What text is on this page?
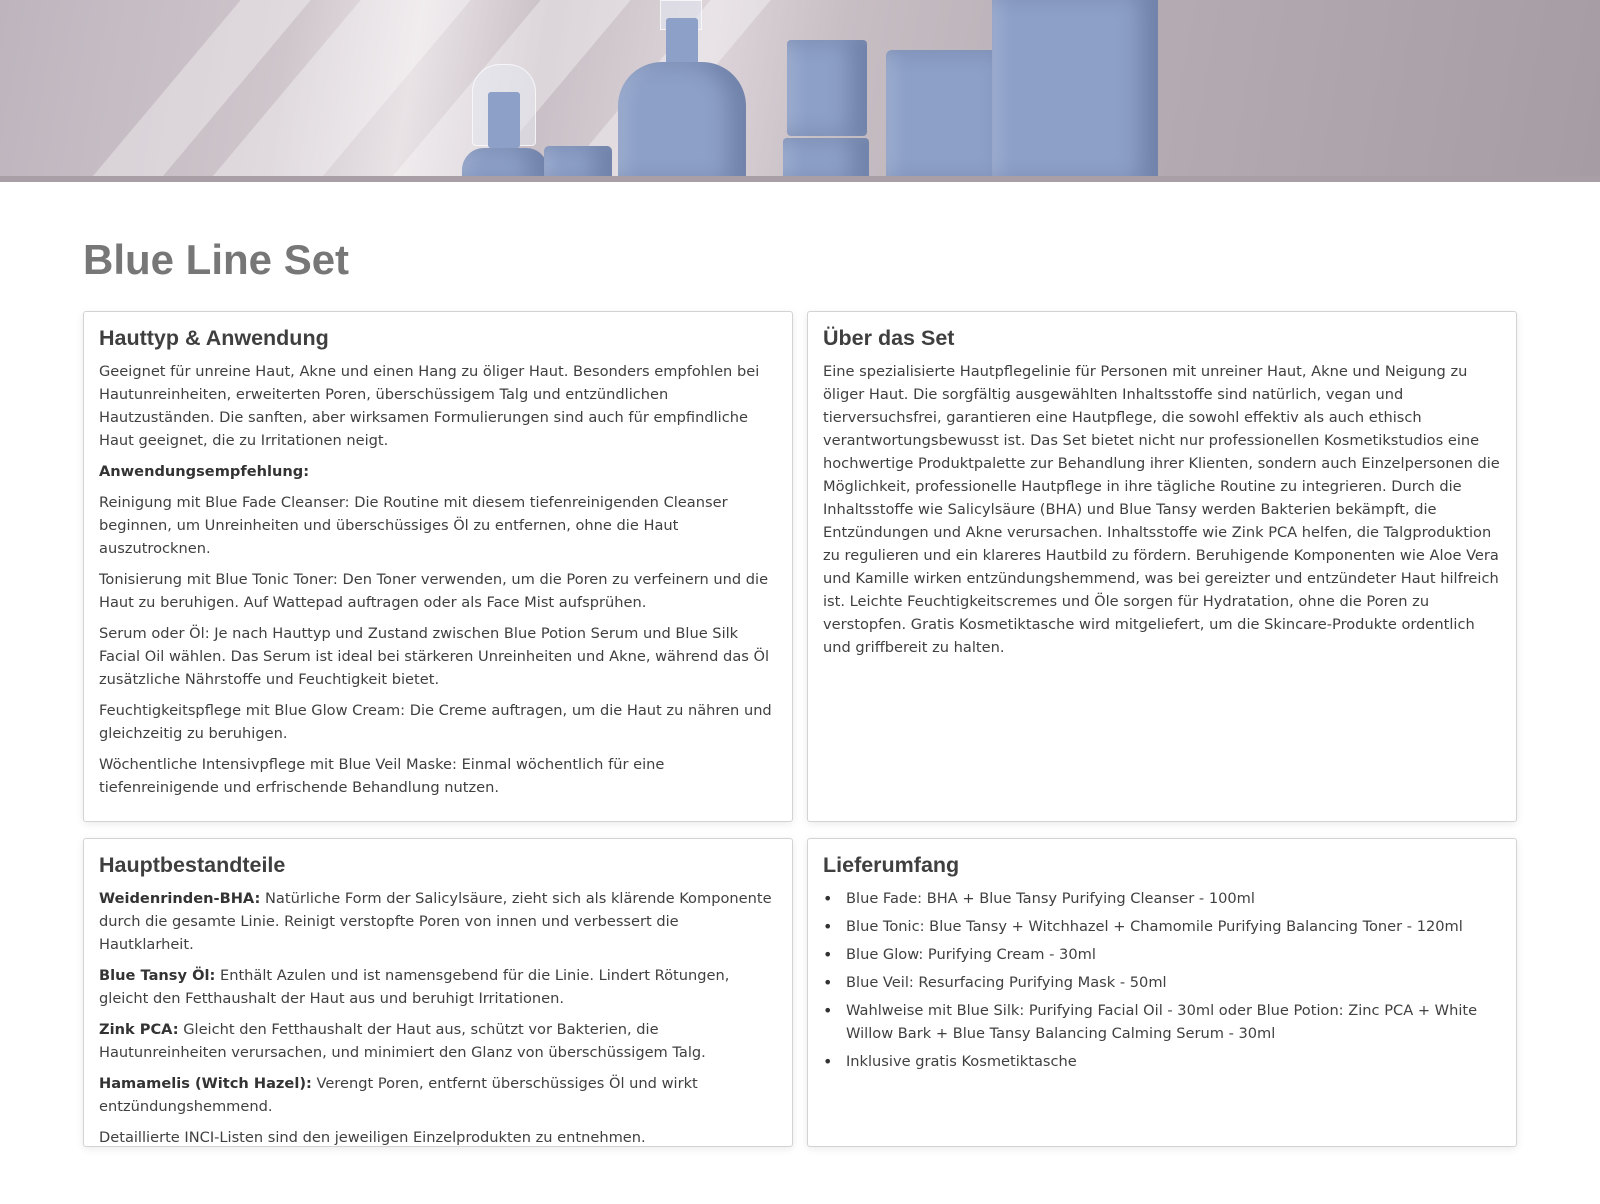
Blue Line Set
Hauttyp & Anwendung

Geeignet für unreine Haut, Akne und einen Hang zu öliger Haut. Besonders empfohlen bei Hautunreinheiten, erweiterten Poren, überschüssigem Talg und entzündlichen Hautzuständen. Die sanften, aber wirksamen Formulierungen sind auch für empfindliche Haut geeignet, die zu Irritationen neigt.

Anwendungsempfehlung:

Reinigung mit Blue Fade Cleanser: Die Routine mit diesem tiefenreinigenden Cleanser beginnen, um Unreinheiten und überschüssiges Öl zu entfernen, ohne die Haut auszutrocknen.

Tonisierung mit Blue Tonic Toner: Den Toner verwenden, um die Poren zu verfeinern und die Haut zu beruhigen. Auf Wattepad auftragen oder als Face Mist aufsprühen.

Serum oder Öl: Je nach Hauttyp und Zustand zwischen Blue Potion Serum und Blue Silk Facial Oil wählen. Das Serum ist ideal bei stärkeren Unreinheiten und Akne, während das Öl zusätzliche Nährstoffe und Feuchtigkeit bietet.

Feuchtigkeitspflege mit Blue Glow Cream: Die Creme auftragen, um die Haut zu nähren und gleichzeitig zu beruhigen.

Wöchentliche Intensivpflege mit Blue Veil Maske: Einmal wöchentlich für eine tiefenreinigende und erfrischende Behandlung nutzen.

Über das Set

Eine spezialisierte Hautpflegelinie für Personen mit unreiner Haut, Akne und Neigung zu öliger Haut. Die sorgfältig ausgewählten Inhaltsstoffe sind natürlich, vegan und tierversuchsfrei, garantieren eine Hautpflege, die sowohl effektiv als auch ethisch verantwortungsbewusst ist. Das Set bietet nicht nur professionellen Kosmetikstudios eine hochwertige Produktpalette zur Behandlung ihrer Klienten, sondern auch Einzelpersonen die Möglichkeit, professionelle Hautpflege in ihre tägliche Routine zu integrieren. Durch die Inhaltsstoffe wie Salicylsäure (BHA) und Blue Tansy werden Bakterien bekämpft, die Entzündungen und Akne verursachen. Inhaltsstoffe wie Zink PCA helfen, die Talgproduktion zu regulieren und ein klareres Hautbild zu fördern. Beruhigende Komponenten wie Aloe Vera und Kamille wirken entzündungshemmend, was bei gereizter und entzündeter Haut hilfreich ist. Leichte Feuchtigkeitscremes und Öle sorgen für Hydratation, ohne die Poren zu verstopfen. Gratis Kosmetiktasche wird mitgeliefert, um die Skincare-Produkte ordentlich und griffbereit zu halten.

Hauptbestandteile

Weidenrinden-BHA: Natürliche Form der Salicylsäure, zieht sich als klärende Komponente durch die gesamte Linie. Reinigt verstopfte Poren von innen und verbessert die Hautklarheit.

Blue Tansy Öl: Enthält Azulen und ist namensgebend für die Linie. Lindert Rötungen, gleicht den Fetthaushalt der Haut aus und beruhigt Irritationen.

Zink PCA: Gleicht den Fetthaushalt der Haut aus, schützt vor Bakterien, die Hautunreinheiten verursachen, und minimiert den Glanz von überschüssigem Talg.

Hamamelis (Witch Hazel): Verengt Poren, entfernt überschüssiges Öl und wirkt entzündungshemmend.

Detaillierte INCI-Listen sind den jeweiligen Einzelprodukten zu entnehmen.

Lieferumfang
• Blue Fade: BHA + Blue Tansy Purifying Cleanser - 100ml
• Blue Tonic: Blue Tansy + Witchhazel + Chamomile Purifying Balancing Toner - 120ml
• Blue Glow: Purifying Cream - 30ml
• Blue Veil: Resurfacing Purifying Mask - 50ml
• Wahlweise mit Blue Silk: Purifying Facial Oil - 30ml oder Blue Potion: Zinc PCA + White Willow Bark + Blue Tansy Balancing Calming Serum - 30ml
• Inklusive gratis Kosmetiktasche
